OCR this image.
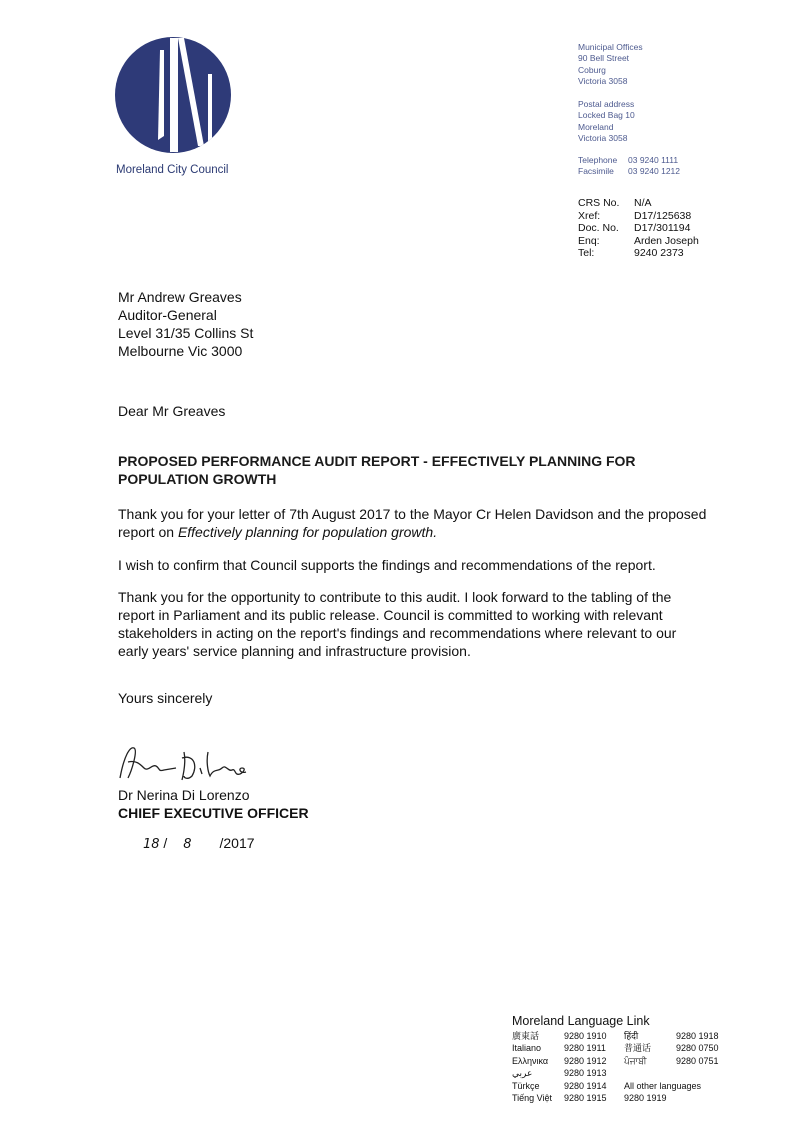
Moreland City Council
Municipal Offices
90 Bell Street
Coburg
Victoria 3058
Postal address
Locked Bag 10
Moreland
Victoria 3058
Telephone 03 9240 1111
Facsimile 03 9240 1212
CRS No. N/A
Xref:	D17/125638
Doc. No. D17/301194
Enq:	Arden Joseph
Tel:	9240 2373
Mr Andrew Greaves
Auditor-General
Level 31/35 Collins St
Melbourne Vic 3000
Dear Mr Greaves
PROPOSED PERFORMANCE AUDIT REPORT - EFFECTIVELY PLANNING FOR POPULATION GROWTH
Thank you for your letter of 7th August 2017 to the Mayor Cr Helen Davidson and the proposed report on Effectively planning for population growth.
I wish to confirm that Council supports the findings and recommendations of the report.
Thank you for the opportunity to contribute to this audit. I look forward to the tabling of the report in Parliament and its public release. Council is committed to working with relevant stakeholders in acting on the report's findings and recommendations where relevant to our early years' service planning and infrastructure provision.
Yours sincerely
Dr Nerina Di Lorenzo
CHIEF EXECUTIVE OFFICER
18 / 8 /2017
Moreland Language Link
廣東話	9280 1910	हिंदी	9280 1918
Italiano	9280 1911	普通话	9280 0750
Ελληνικα	9280 1912	ਪੰਜਾਬੀ	9280 0751
عربي	9280 1913
Türkçe	9280 1914	All other languages
Tiếng Việt	9280 1915	9280 1919
